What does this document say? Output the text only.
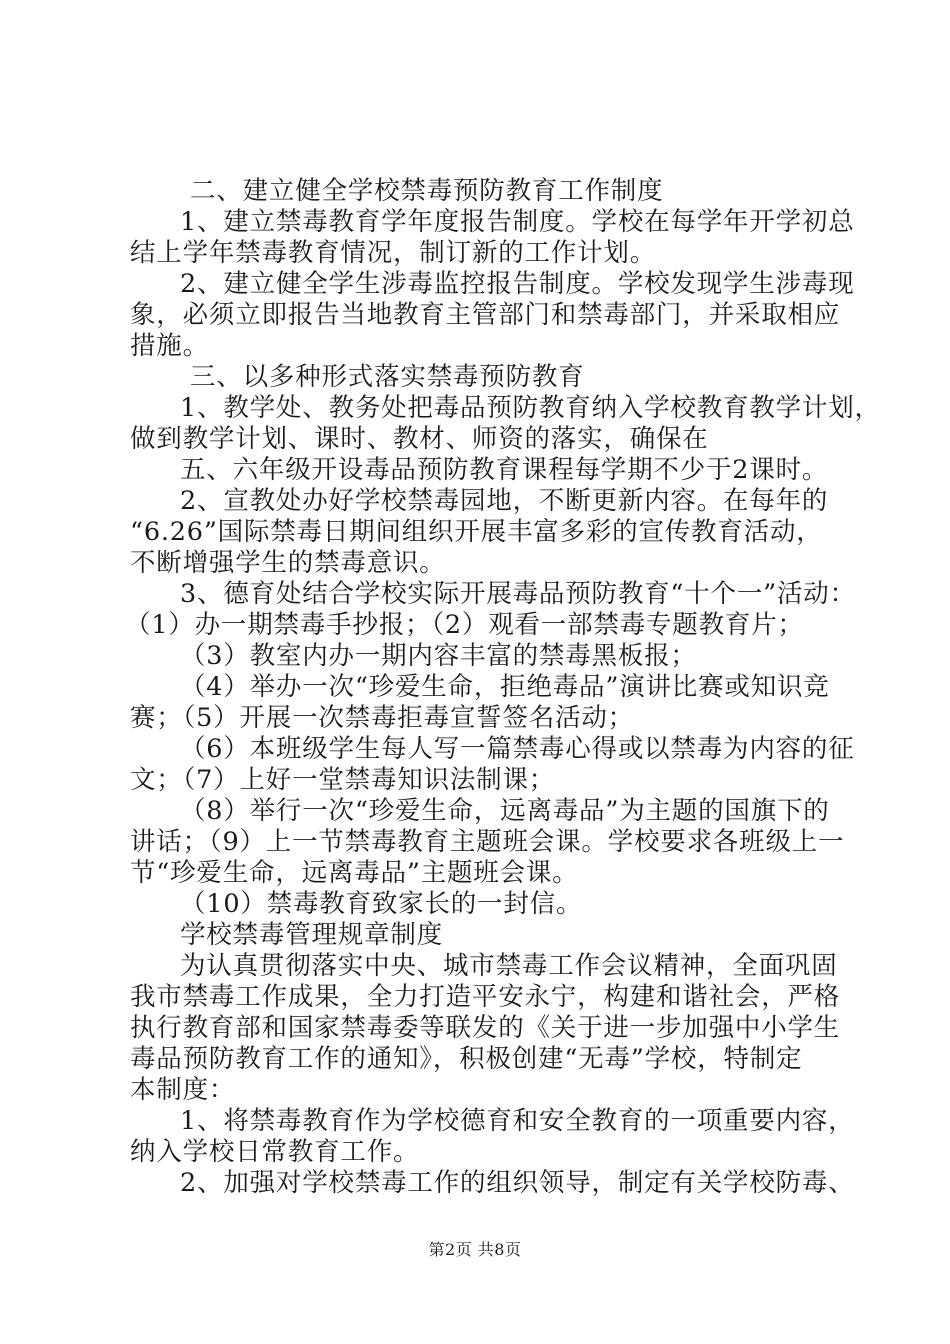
二、建立健全学校禁毒预防教育工作制度
1、建立禁毒教育学年度报告制度。学校在每学年开学初总
结上学年禁毒教育情况，制订新的工作计划。
2、建立健全学生涉毒监控报告制度。学校发现学生涉毒现
象，必须立即报告当地教育主管部门和禁毒部门，并采取相应
措施。
三、以多种形式落实禁毒预防教育
1、教学处、教务处把毒品预防教育纳入学校教育教学计划，
做到教学计划、课时、教材、师资的落实，确保在
五、六年级开设毒品预防教育课程每学期不少于2课时。
2、宣教处办好学校禁毒园地，不断更新内容。在每年的
“6.26”国际禁毒日期间组织开展丰富多彩的宣传教育活动，
不断增强学生的禁毒意识。
3、德育处结合学校实际开展毒品预防教育“十个一”活动：
（1）办一期禁毒手抄报；（2）观看一部禁毒专题教育片；
（3）教室内办一期内容丰富的禁毒黑板报；
（4）举办一次“珍爱生命，拒绝毒品”演讲比赛或知识竞
赛；（5）开展一次禁毒拒毒宣誓签名活动；
（6）本班级学生每人写一篇禁毒心得或以禁毒为内容的征
文；（7）上好一堂禁毒知识法制课；
（8）举行一次“珍爱生命，远离毒品”为主题的国旗下的
讲话；（9）上一节禁毒教育主题班会课。学校要求各班级上一
节“珍爱生命，远离毒品”主题班会课。
（10）禁毒教育致家长的一封信。
学校禁毒管理规章制度
为认真贯彻落实中央、城市禁毒工作会议精神，全面巩固
我市禁毒工作成果，全力打造平安永宁，构建和谐社会，严格
执行教育部和国家禁毒委等联发的《关于进一步加强中小学生
毒品预防教育工作的通知》，积极创建“无毒”学校，特制定
本制度：
1、将禁毒教育作为学校德育和安全教育的一项重要内容，
纳入学校日常教育工作。
2、加强对学校禁毒工作的组织领导，制定有关学校防毒、
第2页 共8页
